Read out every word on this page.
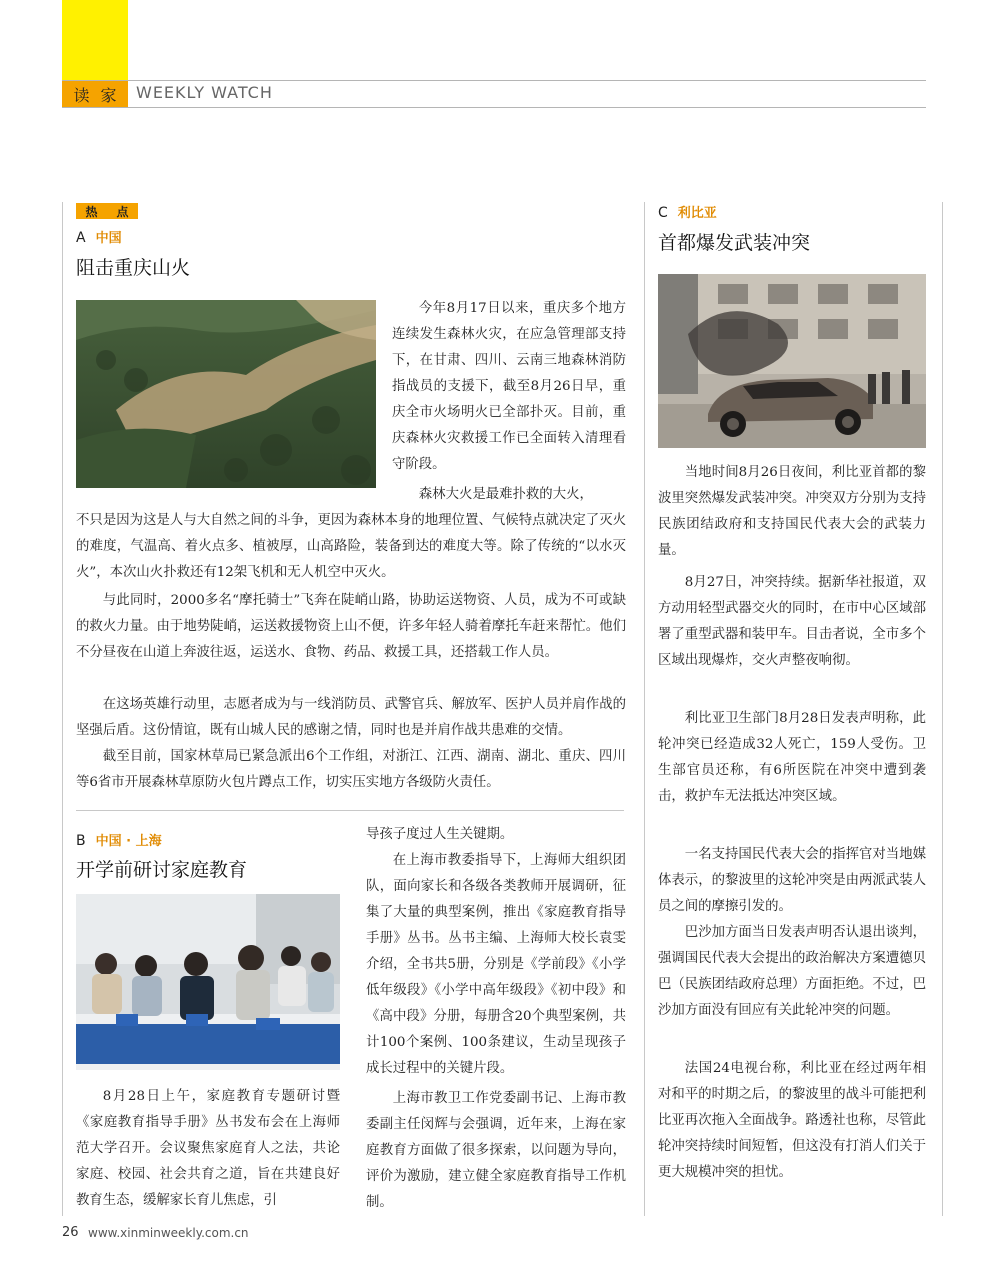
读 家 WEEKLY WATCH
热 点
A 中国
阻击重庆山火

今年8月17日以来，重庆多个地方连续发生森林火灾，在应急管理部支持下，在甘肃、四川、云南三地森林消防指战员的支援下，截至8月26日早，重庆全市火场明火已全部扑灭。目前，重庆森林火灾救援工作已全面转入清理看守阶段。

森林大火是最难扑救的大火，

不只是因为这是人与大自然之间的斗争，更因为森林本身的地理位置、气候特点就决定了灭火的难度，气温高、着火点多、植被厚，山高路险，装备到达的难度大等。除了传统的“以水灭火”，本次山火扑救还有12架飞机和无人机空中灭火。

与此同时，2000多名“摩托骑士”飞奔在陡峭山路，协助运送物资、人员，成为不可或缺的救火力量。由于地势陡峭，运送救援物资上山不便，许多年轻人骑着摩托车赶来帮忙。他们不分昼夜在山道上奔波往返，运送水、食物、药品、救援工具，还搭载工作人员。

在这场英雄行动里，志愿者成为与一线消防员、武警官兵、解放军、医护人员并肩作战的坚强后盾。这份情谊，既有山城人民的感谢之情，同时也是并肩作战共患难的交情。

截至目前，国家林草局已紧急派出6个工作组，对浙江、江西、湖南、湖北、重庆、四川等6省市开展森林草原防火包片蹲点工作，切实压实地方各级防火责任。

B 中国 · 上海
开学前研讨家庭教育

8月28日上午，家庭教育专题研讨暨《家庭教育指导手册》丛书发布会在上海师范大学召开。会议聚焦家庭育人之法，共论家庭、校园、社会共育之道，旨在共建良好教育生态，缓解家长育儿焦虑，引

导孩子度过人生关键期。

在上海市教委指导下，上海师大组织团队，面向家长和各级各类教师开展调研，征集了大量的典型案例，推出《家庭教育指导手册》丛书。丛书主编、上海师大校长袁雯介绍，全书共5册，分别是《学前段》《小学低年级段》《小学中高年级段》《初中段》和《高中段》分册，每册含20个典型案例，共计100个案例、100条建议，生动呈现孩子成长过程中的关键片段。

上海市教卫工作党委副书记、上海市教委副主任闵辉与会强调，近年来，上海在家庭教育方面做了很多探索，以问题为导向，评价为激励，建立健全家庭教育指导工作机制。

C 利比亚
首都爆发武装冲突

当地时间8月26日夜间，利比亚首都的黎波里突然爆发武装冲突。冲突双方分别为支持民族团结政府和支持国民代表大会的武装力量。

8月27日，冲突持续。据新华社报道，双方动用轻型武器交火的同时，在市中心区域部署了重型武器和装甲车。目击者说，全市多个区域出现爆炸，交火声整夜响彻。

利比亚卫生部门8月28日发表声明称，此轮冲突已经造成32人死亡，159人受伤。卫生部官员还称，有6所医院在冲突中遭到袭击，救护车无法抵达冲突区域。

一名支持国民代表大会的指挥官对当地媒体表示，的黎波里的这轮冲突是由两派武装人员之间的摩擦引发的。

巴沙加方面当日发表声明否认退出谈判，强调国民代表大会提出的政治解决方案遭德贝巴（民族团结政府总理）方面拒绝。不过，巴沙加方面没有回应有关此轮冲突的问题。

法国24电视台称，利比亚在经过两年相对和平的时期之后，的黎波里的战斗可能把利比亚再次拖入全面战争。路透社也称，尽管此轮冲突持续时间短暂，但这没有打消人们关于更大规模冲突的担忧。

26 www.xinminweekly.com.cn
